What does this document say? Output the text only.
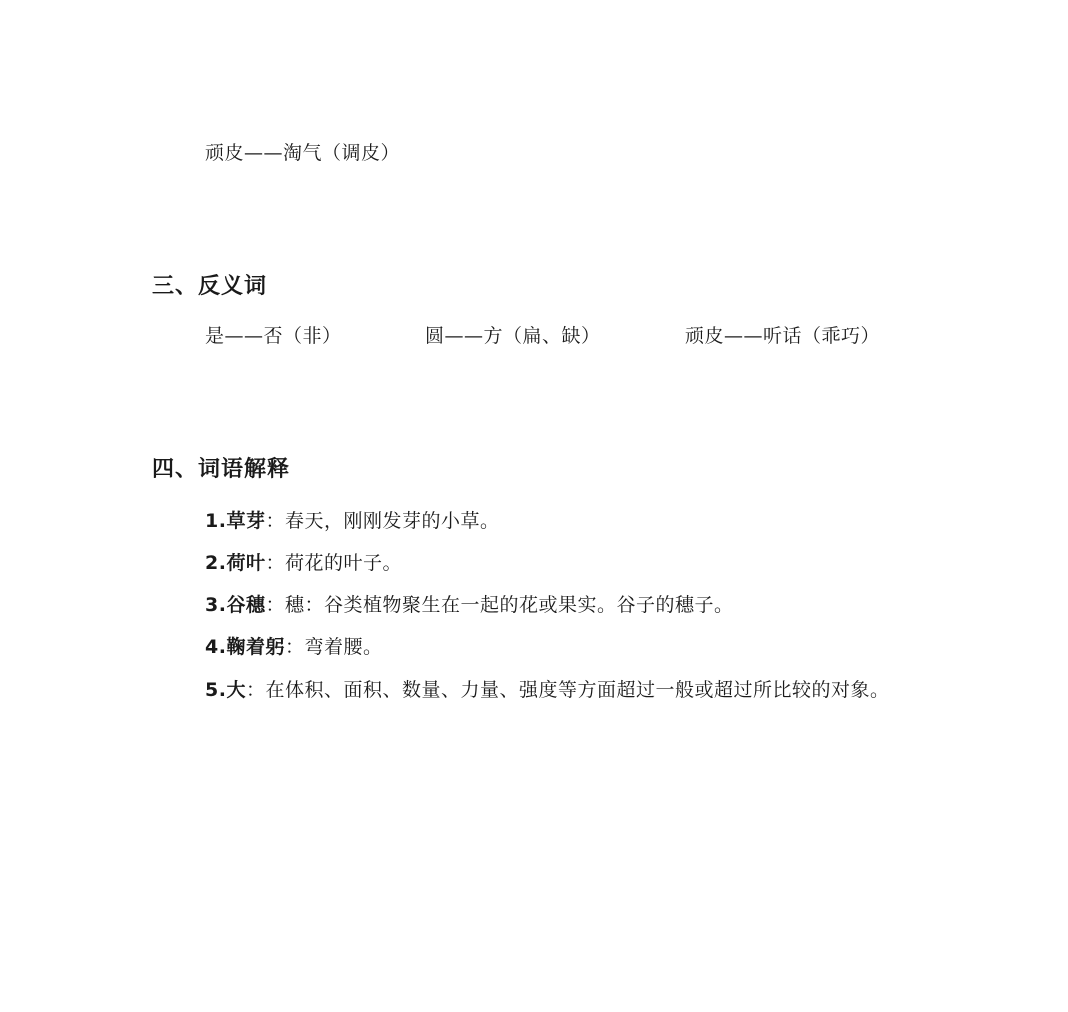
顽皮——淘气（调皮）
三、反义词
是——否（非）	圆——方（扁、缺）	顽皮——听话（乖巧）
四、词语解释
1.草芽：春天，刚刚发芽的小草。
2.荷叶：荷花的叶子。
3.谷穗：穗：谷类植物聚生在一起的花或果实。谷子的穗子。
4.鞠着躬：弯着腰。
5.大：在体积、面积、数量、力量、强度等方面超过一般或超过所比较的对象。
